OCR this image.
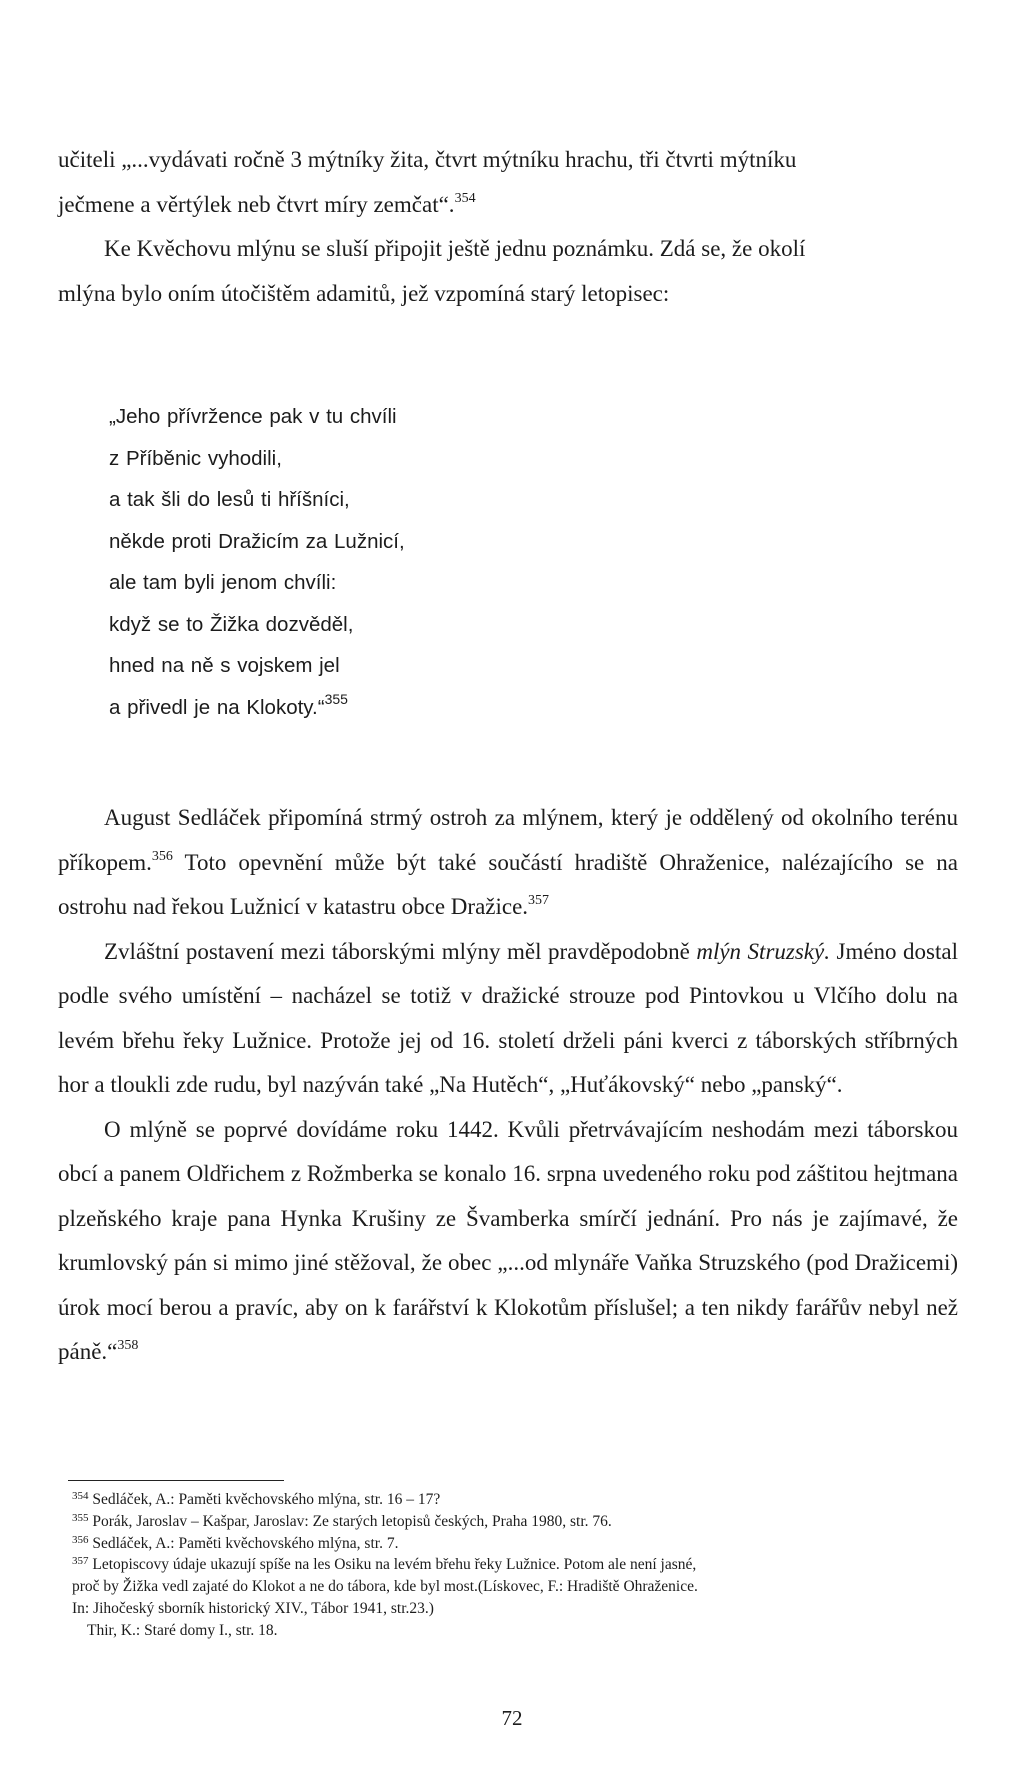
učiteli „...vydávati ročně 3 mýtníky žita, čtvrt mýtníku hrachu, tři čtvrti mýtníku
ječmene a věrtýlek neb čtvrt míry zemčat“.$^{354}$
Ke Kvěchovu mlýnu se sluší připojit ještě jednu poznámku. Zdá se, že okolí
mlýna bylo oním útočištěm adamitů, jež vzpomíná starý letopisec:
„Jeho přívržence pak v tu chvíli
z Příběnic vyhodili,
a tak šli do lesů ti hříšníci,
někde proti Dražicím za Lužnicí,
ale tam byli jenom chvíli:
když se to Žižka dozvěděl,
hned na ně s vojskem jel
a přivedl je na Klokoty.“$^{355}$
August Sedláček připomíná strmý ostroh za mlýnem, který je oddělený od okolního terénu příkopem.$^{356}$ Toto opevnění může být také součástí hradiště Ohraženice, nalézajícího se na ostrohu nad řekou Lužnicí v katastru obce Dražice.$^{357}$
Zvláštní postavení mezi táborskými mlýny měl pravděpodobně mlýn Struzský. Jméno dostal podle svého umístění – nacházel se totiž v dražické strouze pod Pintovkou u Vlčího dolu na levém břehu řeky Lužnice. Protože jej od 16. století drželi páni kverci z táborských stříbrných hor a tloukli zde rudu, byl nazýván také „Na Hutěch“, „Huťákovský“ nebo „panský“.
O mlýně se poprvé dovídáme roku 1442. Kvůli přetrvávajícím neshodám mezi táborskou obcí a panem Oldřichem z Rožmberka se konalo 16. srpna uvedeného roku pod záštitou hejtmana plzeňského kraje pana Hynka Krušiny ze Švamberka smírčí jednání. Pro nás je zajímavé, že krumlovský pán si mimo jiné stěžoval, že obec „...od mlynáře Vaňka Struzského (pod Dražicemi) úrok mocí berou a pravíc, aby on k farářství k Klokotům příslušel; a ten nikdy farářův nebyl než páně.“$^{358}$
$^{354}$ Sedláček, A.: Paměti kvěchovského mlýna, str. 16 – 17?
$^{355}$ Porák, Jaroslav – Kašpar, Jaroslav: Ze starých letopisů českých, Praha 1980, str. 76.
$^{356}$ Sedláček, A.: Paměti kvěchovského mlýna, str. 7.
$^{357}$ Letopiscovy údaje ukazují spíše na les Osiku na levém břehu řeky Lužnice. Potom ale není jasné,
proč by Žižka vedl zajaté do Klokot a ne do tábora, kde byl most.(Lískovec, F.: Hradiště Ohraženice.
In: Jihočeský sborník historický XIV., Tábor 1941, str.23.)
Thir, K.: Staré domy I., str. 18.
72
